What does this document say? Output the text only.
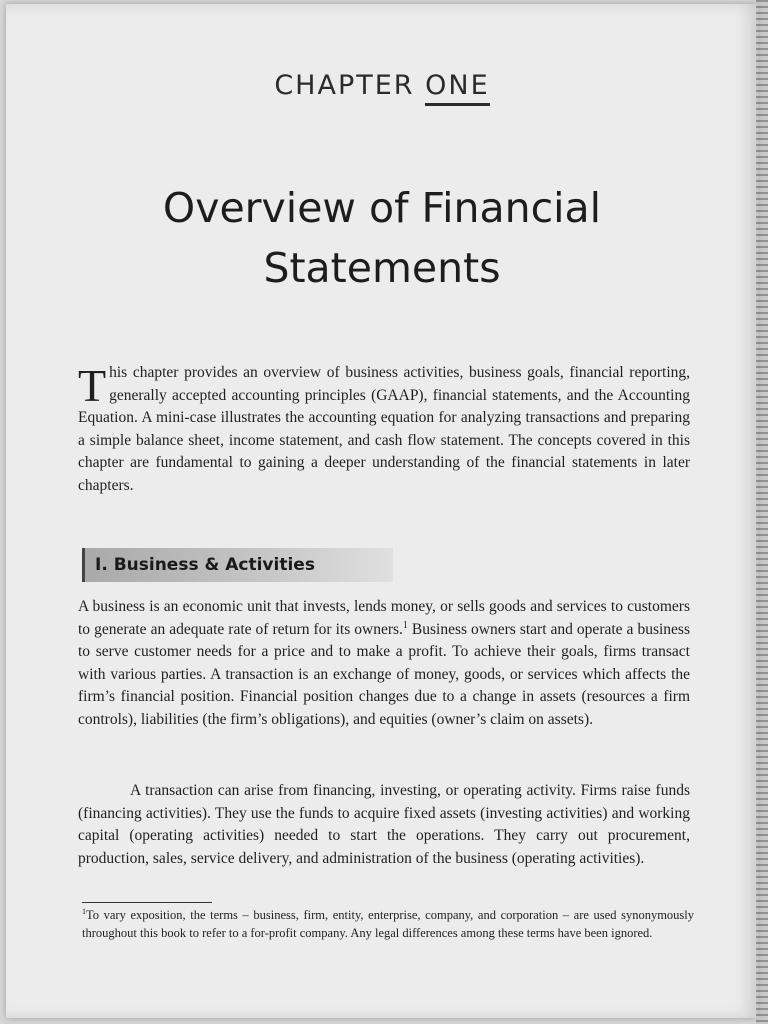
CHAPTER ONE
Overview of Financial
Statements
T his chapter provides an overview of business activities, business goals, financial reporting, generally accepted accounting principles (GAAP), financial statements, and the Accounting Equation. A mini-case illustrates the accounting equation for analyzing transactions and preparing a simple balance sheet, income statement, and cash flow statement. The concepts covered in this chapter are fundamental to gaining a deeper understanding of the financial statements in later chapters.
I. Business & Activities
A business is an economic unit that invests, lends money, or sells goods and services to customers to generate an adequate rate of return for its owners.$^1$ Business owners start and operate a business to serve customer needs for a price and to make a profit. To achieve their goals, firms transact with various parties. A transaction is an exchange of money, goods, or services which affects the firm’s financial position. Financial position changes due to a change in assets (resources a firm controls), liabilities (the firm’s obligations), and equities (owner’s claim on assets).
A transaction can arise from financing, investing, or operating activity. Firms raise funds (financing activities). They use the funds to acquire fixed assets (investing activities) and working capital (operating activities) needed to start the operations. They carry out procurement, production, sales, service delivery, and administration of the business (operating activities).
$^1$To vary exposition, the terms – business, firm, entity, enterprise, company, and corporation – are used synonymously throughout this book to refer to a for-profit company. Any legal differences among these terms have been ignored.
